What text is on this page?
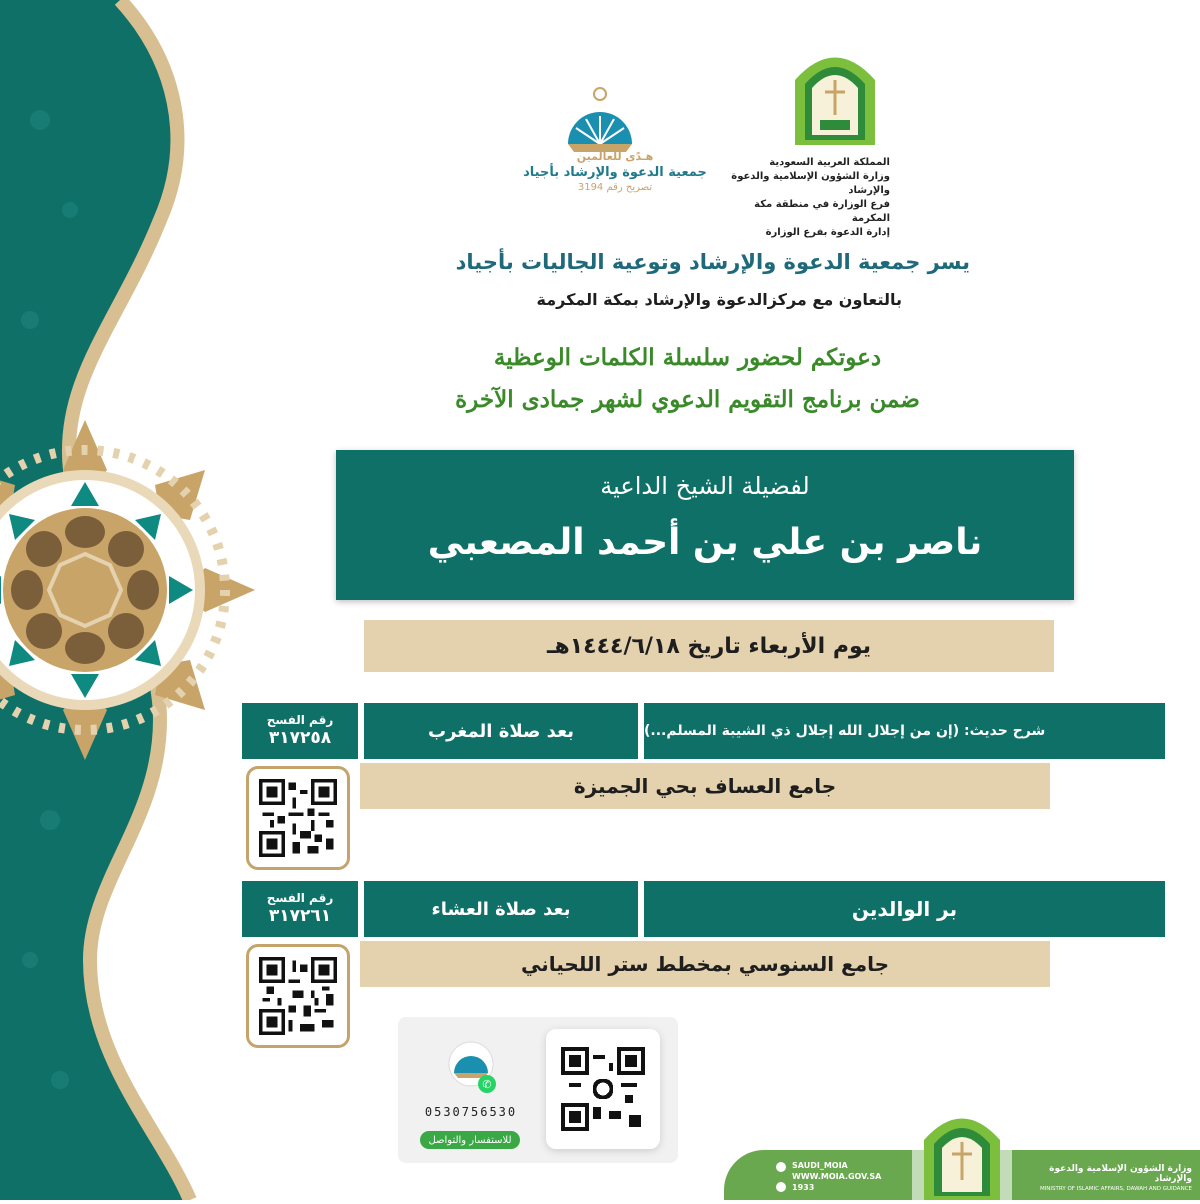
المملكة العربية السعودية
وزارة الشؤون الإسلامية والدعوة والإرشاد
فرع الوزارة في منطقة مكة المكرمة
إدارة الدعوة بفرع الوزارة
هـدًى للعالمين
جمعية الدعوة والإرشاد بأجياد
تصريح رقم 3194
يسر جمعية الدعوة والإرشاد وتوعية الجاليات بأجياد
بالتعاون مع مركزالدعوة والإرشاد بمكة المكرمة
دعوتكم لحضور سلسلة الكلمات الوعظية
ضمن برنامج التقويم الدعوي لشهر جمادى الآخرة
لفضيلة الشيخ الداعية
ناصر بن علي بن أحمد المصعبي
يوم الأربعاء تاريخ ١٤٤٤/٦/١٨هـ
رقم الفسح
٣١٧٢٥٨	بعد صلاة المغرب	شرح حديث: (إن من إجلال الله إجلال ذي الشيبة المسلم...)
جامع العساف بحي الجميزة
رقم الفسح
٣١٧٢٦١	بعد صلاة العشاء	بر الوالدين
جامع السنوسي بمخطط ستر اللحياني
✆
0530756530
للاستفسار والتواصل
SAUDI_MOIA
WWW.MOIA.GOV.SA
1933
وزارة الشؤون الإسلامية والدعوة والإرشاد
MINISTRY OF ISLAMIC AFFAIRS, DAWAH AND GUIDANCE
